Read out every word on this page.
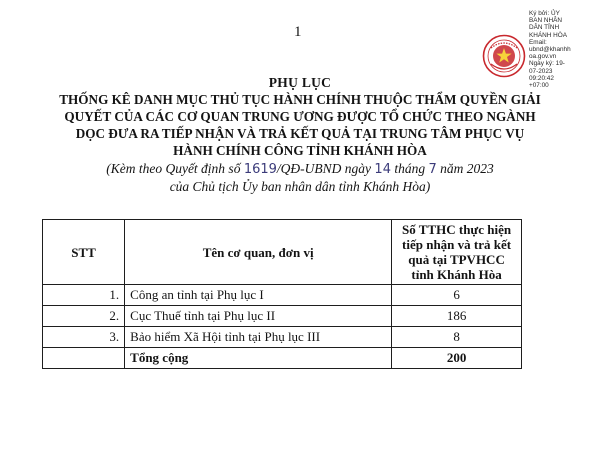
1
Ký bởi: ỦY
BAN NHÂN
DÂN TỈNH
KHÁNH HÒA
Email:
ubnd@khanhh
oa.gov.vn
Ngày ký: 19-
07-2023
09:20:42
+07:00
PHỤ LỤC
THỐNG KÊ DANH MỤC THỦ TỤC HÀNH CHÍNH THUỘC THẨM QUYỀN GIẢI
QUYẾT CỦA CÁC CƠ QUAN TRUNG ƯƠNG ĐƯỢC TỔ CHỨC THEO NGÀNH
DỌC ĐƯA RA TIẾP NHẬN VÀ TRẢ KẾT QUẢ TẠI TRUNG TÂM PHỤC VỤ
HÀNH CHÍNH CÔNG TỈNH KHÁNH HÒA
(Kèm theo Quyết định số 1619/QĐ-UBND ngày 14 tháng 7 năm 2023
của Chủ tịch Ủy ban nhân dân tỉnh Khánh Hòa)
STT	Tên cơ quan, đơn vị	Số TTHC thực hiện tiếp nhận và trả kết quả tại TPVHCC tỉnh Khánh Hòa
1.	Công an tỉnh tại Phụ lục I	6
2.	Cục Thuế tỉnh tại Phụ lục II	186
3.	Bảo hiểm Xã Hội tỉnh tại Phụ lục III	8
	Tổng cộng	200
